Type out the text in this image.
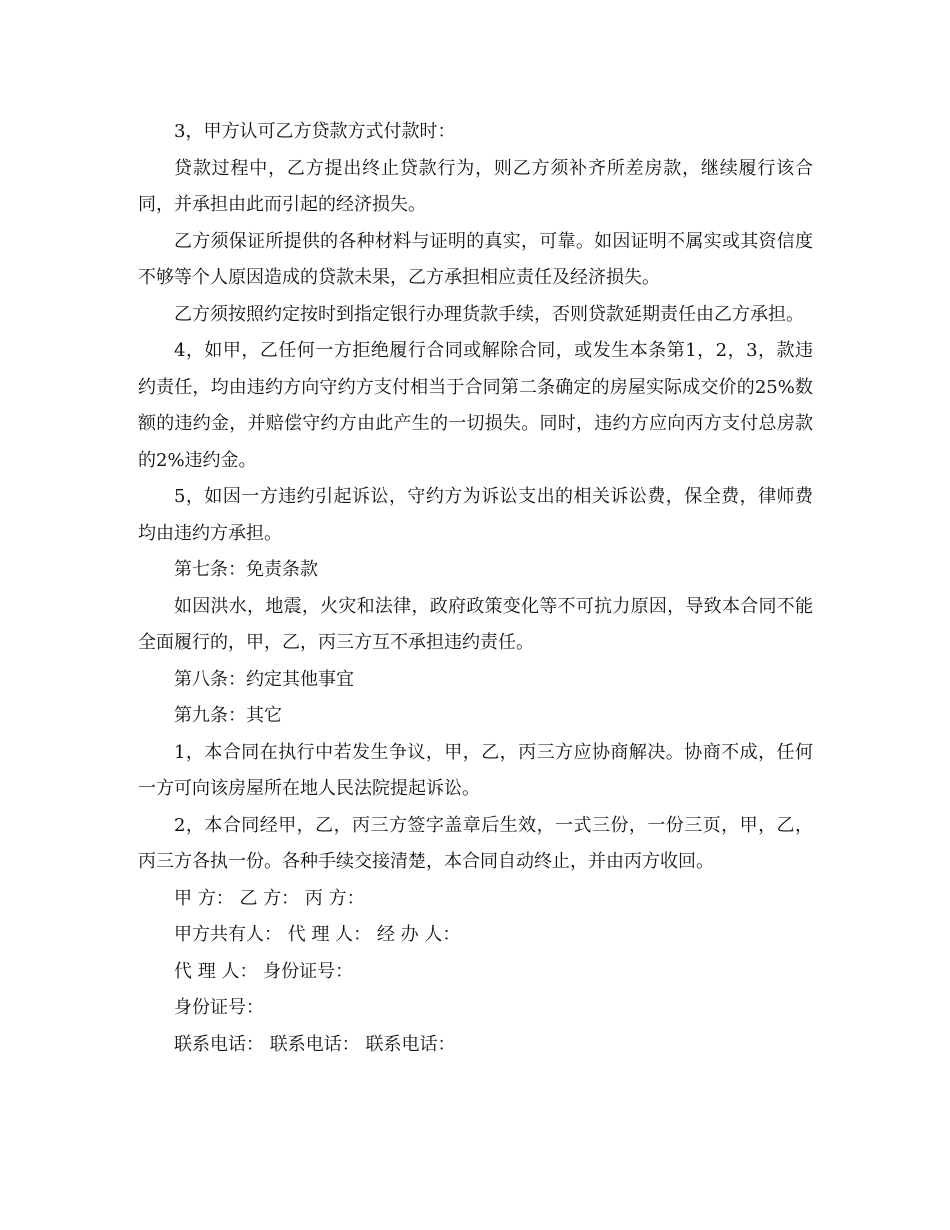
3，甲方认可乙方贷款方式付款时：

贷款过程中，乙方提出终止贷款行为，则乙方须补齐所差房款，继续履行该合同，并承担由此而引起的经济损失。

乙方须保证所提供的各种材料与证明的真实，可靠。如因证明不属实或其资信度不够等个人原因造成的贷款未果，乙方承担相应责任及经济损失。

乙方须按照约定按时到指定银行办理货款手续，否则贷款延期责任由乙方承担。

4，如甲，乙任何一方拒绝履行合同或解除合同，或发生本条第1，2，3，款违约责任，均由违约方向守约方支付相当于合同第二条确定的房屋实际成交价的25%数额的违约金，并赔偿守约方由此产生的一切损失。同时，违约方应向丙方支付总房款的2%违约金。

5，如因一方违约引起诉讼，守约方为诉讼支出的相关诉讼费，保全费，律师费均由违约方承担。

第七条：免责条款

如因洪水，地震，火灾和法律，政府政策变化等不可抗力原因，导致本合同不能全面履行的，甲，乙，丙三方互不承担违约责任。

第八条：约定其他事宜

第九条：其它

1，本合同在执行中若发生争议，甲，乙，丙三方应协商解决。协商不成，任何一方可向该房屋所在地人民法院提起诉讼。

2，本合同经甲，乙，丙三方签字盖章后生效，一式三份，一份三页，甲，乙，丙三方各执一份。各种手续交接清楚，本合同自动终止，并由丙方收回。

甲 方： 乙 方： 丙 方：

甲方共有人： 代 理 人： 经 办 人：

代 理 人： 身份证号：

身份证号：

联系电话： 联系电话： 联系电话：
